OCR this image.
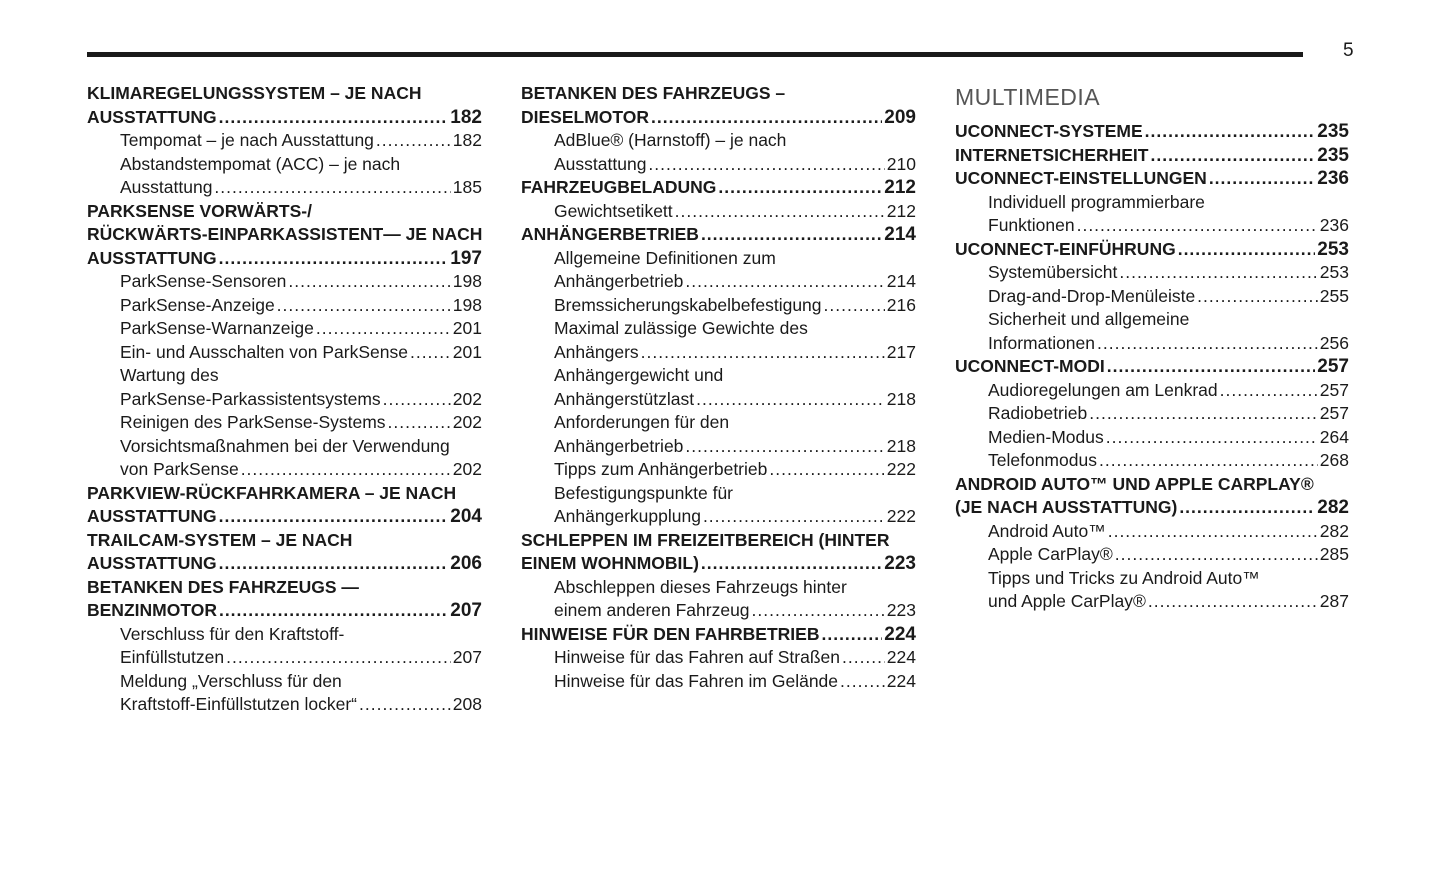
5
KLIMAREGELUNGSSYSTEM – JE NACH
AUSSTATTUNG .....	182
Tempomat – je nach Ausstattung .....	182
Abstandstempomat (ACC) – je nach
Ausstattung .....	185
PARKSENSE VORWÄRTS-/
RÜCKWÄRTS-EINPARKASSISTENT— JE NACH
AUSSTATTUNG .....	197
ParkSense-Sensoren .....	198
ParkSense-Anzeige .....	198
ParkSense-Warnanzeige .....	201
Ein- und Ausschalten von ParkSense .....	201
Wartung des
ParkSense-Parkassistentsystems .....	202
Reinigen des ParkSense-Systems .....	202
Vorsichtsmaßnahmen bei der Verwendung
von ParkSense .....	202
PARKVIEW-RÜCKFAHRKAMERA – JE NACH
AUSSTATTUNG .....	204
TRAILCAM-SYSTEM – JE NACH
AUSSTATTUNG .....	206
BETANKEN DES FAHRZEUGS —
BENZINMOTOR .....	207
Verschluss für den Kraftstoff-
Einfüllstutzen .....	207
Meldung „Verschluss für den
Kraftstoff-Einfüllstutzen locker“ .....	208
BETANKEN DES FAHRZEUGS –
DIESELMOTOR .....	209
AdBlue® (Harnstoff) – je nach
Ausstattung .....	210
FAHRZEUGBELADUNG .....	212
Gewichtsetikett .....	212
ANHÄNGERBETRIEB .....	214
Allgemeine Definitionen zum
Anhängerbetrieb .....	214
Bremssicherungskabelbefestigung .....	216
Maximal zulässige Gewichte des
Anhängers .....	217
Anhängergewicht und
Anhängerstützlast .....	218
Anforderungen für den
Anhängerbetrieb .....	218
Tipps zum Anhängerbetrieb .....	222
Befestigungspunkte für
Anhängerkupplung .....	222
SCHLEPPEN IM FREIZEITBEREICH (HINTER
EINEM WOHNMOBIL) .....	223
Abschleppen dieses Fahrzeugs hinter
einem anderen Fahrzeug .....	223
HINWEISE FÜR DEN FAHRBETRIEB .....	224
Hinweise für das Fahren auf Straßen .....	224
Hinweise für das Fahren im Gelände .....	224
MULTIMEDIA
UCONNECT-SYSTEME .....	235
INTERNETSICHERHEIT .....	235
UCONNECT-EINSTELLUNGEN .....	236
Individuell programmierbare
Funktionen .....	236
UCONNECT-EINFÜHRUNG .....	253
Systemübersicht .....	253
Drag-and-Drop-Menüleiste .....	255
Sicherheit und allgemeine
Informationen .....	256
UCONNECT-MODI .....	257
Audioregelungen am Lenkrad .....	257
Radiobetrieb .....	257
Medien-Modus .....	264
Telefonmodus .....	268
ANDROID AUTO™ UND APPLE CARPLAY®
(JE NACH AUSSTATTUNG) .....	282
Android Auto™ .....	282
Apple CarPlay® .....	285
Tipps und Tricks zu Android Auto™
und Apple CarPlay® .....	287
